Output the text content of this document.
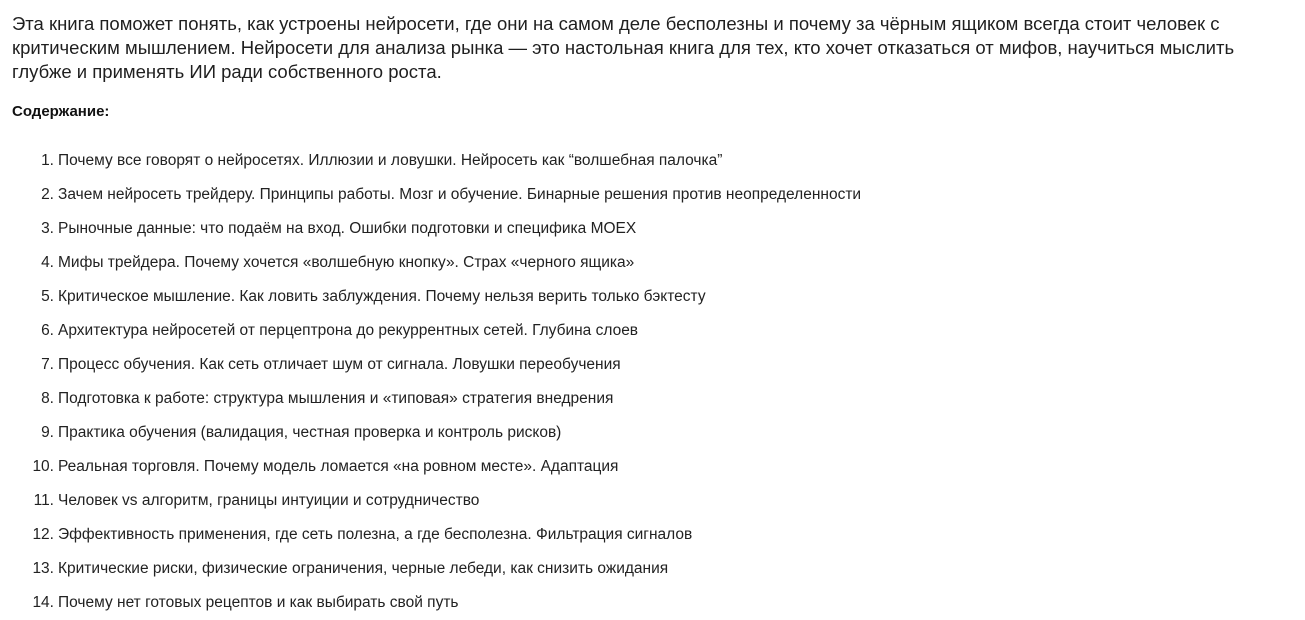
Эта книга поможет понять, как устроены нейросети, где они на самом деле бесполезны и почему за чёрным ящиком всегда стоит человек с критическим мышлением. Нейросети для анализа рынка — это настольная книга для тех, кто хочет отказаться от мифов, научиться мыслить глубже и применять ИИ ради собственного роста.

Содержание:

1. Почему все говорят о нейросетях. Иллюзии и ловушки. Нейросеть как “волшебная палочка”
2. Зачем нейросеть трейдеру. Принципы работы. Мозг и обучение. Бинарные решения против неопределенности
3. Рыночные данные: что подаём на вход. Ошибки подготовки и специфика MOEX
4. Мифы трейдера. Почему хочется «волшебную кнопку». Страх «черного ящика»
5. Критическое мышление. Как ловить заблуждения. Почему нельзя верить только бэктесту
6. Архитектура нейросетей от перцептрона до рекуррентных сетей. Глубина слоев
7. Процесс обучения. Как сеть отличает шум от сигнала. Ловушки переобучения
8. Подготовка к работе: структура мышления и «типовая» стратегия внедрения
9. Практика обучения (валидация, честная проверка и контроль рисков)
10. Реальная торговля. Почему модель ломается «на ровном месте». Адаптация
11. Человек vs алгоритм, границы интуиции и сотрудничество
12. Эффективность применения, где сеть полезна, а где бесполезна. Фильтрация сигналов
13. Критические риски, физические ограничения, черные лебеди, как снизить ожидания
14. Почему нет готовых рецептов и как выбирать свой путь
